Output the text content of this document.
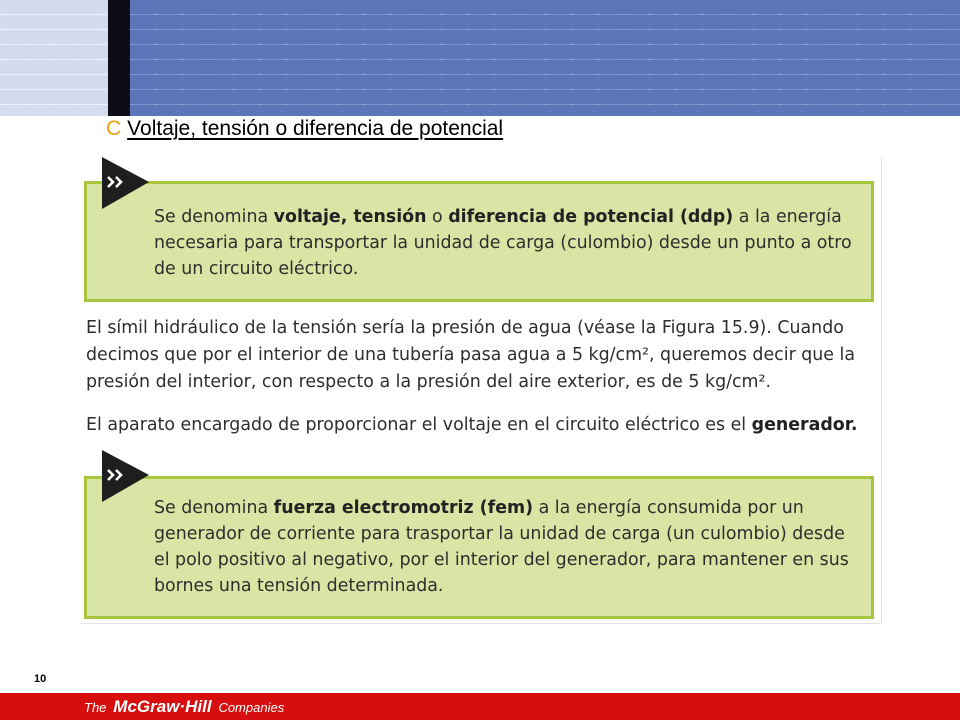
C Voltaje, tensión o diferencia de potencial
Se denomina voltaje, tensión o diferencia de potencial (ddp) a la energía necesaria para transportar la unidad de carga (culombio) desde un punto a otro de un circuito eléctrico.
El símil hidráulico de la tensión sería la presión de agua (véase la Figura 15.9). Cuando decimos que por el interior de una tubería pasa agua a 5 kg/cm², queremos decir que la presión del interior, con respecto a la presión del aire exterior, es de 5 kg/cm².
El aparato encargado de proporcionar el voltaje en el circuito eléctrico es el generador.
Se denomina fuerza electromotriz (fem) a la energía consumida por un generador de corriente para trasportar la unidad de carga (un culombio) desde el polo positivo al negativo, por el interior del generador, para mantener en sus bornes una tensión determinada.
10
The McGraw·Hill Companies
